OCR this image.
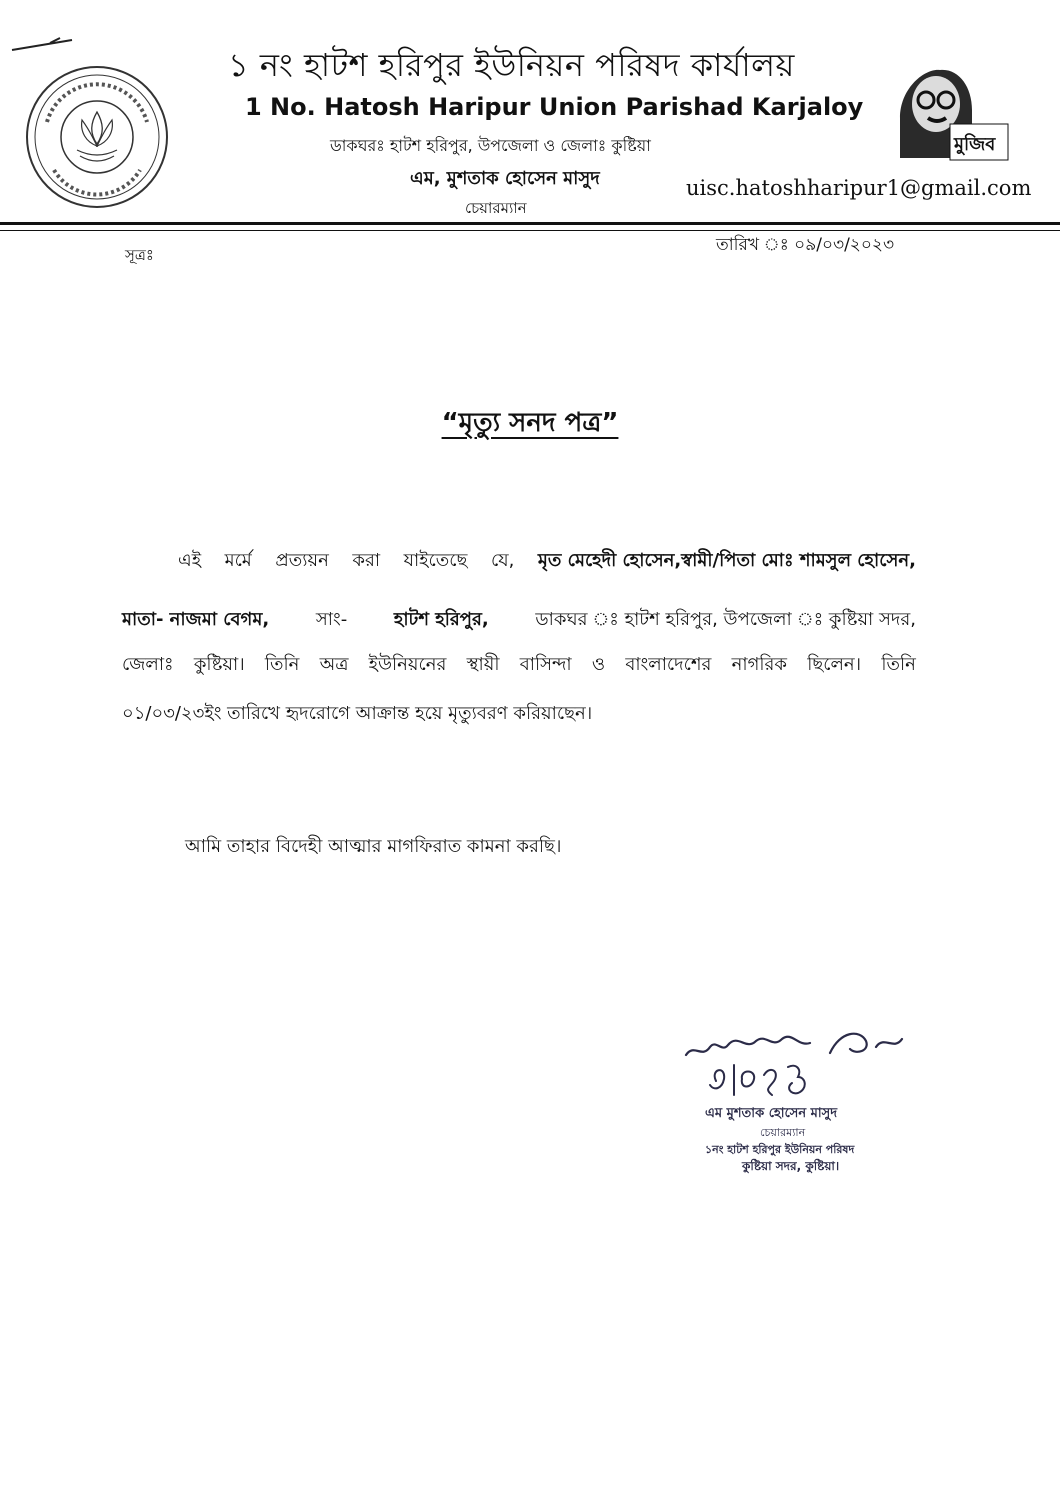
১ নং হাটশ হরিপুর ইউনিয়ন পরিষদ কার্যালয়
1 No. Hatosh Haripur Union Parishad Karjaloy
ডাকঘরঃ হাটশ হরিপুর, উপজেলা ও জেলাঃ কুষ্টিয়া
এম, মুশতাক হোসেন মাসুদ
চেয়ারম্যান
uisc.hatoshharipur1@gmail.com
মুজিব
সূত্রঃ	তারিখ ঃ ০৯/০৩/২০২৩
“মৃত্যু সনদ পত্র”
এই মর্মে প্রত্যয়ন করা যাইতেছে যে, মৃত মেহেদী হোসেন,স্বামী/পিতা মোঃ শামসুল হোসেন,
মাতা- নাজমা বেগম,	সাং-	হাটশ হরিপুর,	ডাকঘর ঃ হাটশ হরিপুর, উপজেলা ঃ কুষ্টিয়া সদর,
জেলাঃ কুষ্টিয়া। তিনি অত্র ইউনিয়নের স্থায়ী বাসিন্দা ও বাংলাদেশের নাগরিক ছিলেন। তিনি
০১/০৩/২৩ইং তারিখে হৃদরোগে আক্রান্ত হয়ে মৃত্যুবরণ করিয়াছেন।
আমি তাহার বিদেহী আত্মার মাগফিরাত কামনা করছি।
এম মুশতাক হোসেন মাসুদ
চেয়ারম্যান
১নং হাটশ হরিপুর ইউনিয়ন পরিষদ
কুষ্টিয়া সদর, কুষ্টিয়া।
